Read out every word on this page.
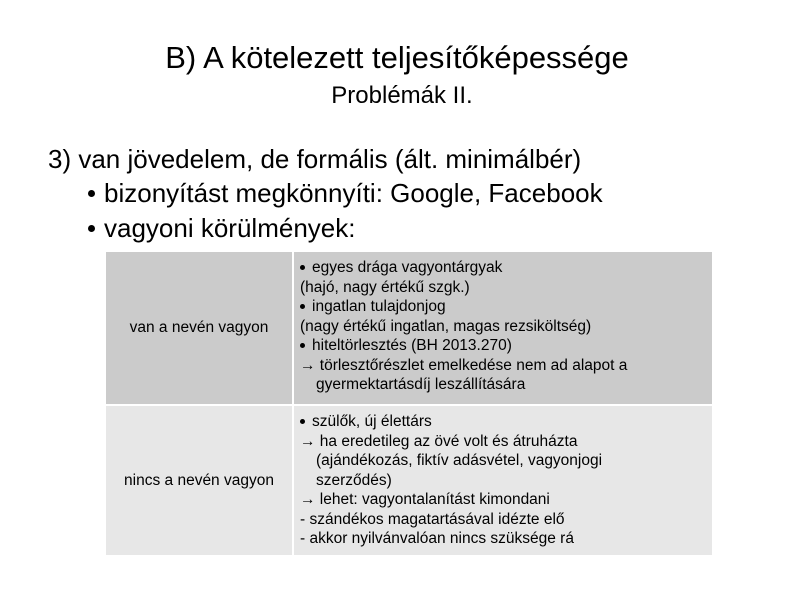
B) A kötelezett teljesítőképessége
Problémák II.
3) van jövedelem, de formális (ált. minimálbér)
bizonyítást megkönnyíti: Google, Facebook
vagyoni körülmények:
van a nevén vagyon
egyes drága vagyontárgyak
(hajó, nagy értékű szgk.)
ingatlan tulajdonjog
(nagy értékű ingatlan, magas rezsiköltség)
hiteltörlesztés (BH 2013.270)
→ törlesztőrészlet emelkedése nem ad alapot a
gyermektartásdíj leszállítására
nincs a nevén vagyon
szülők, új élettárs
→ ha eredetileg az övé volt és átruházta
(ajándékozás, fiktív adásvétel, vagyonjogi
szerződés)
→ lehet: vagyontalanítást kimondani
- szándékos magatartásával idézte elő
- akkor nyilvánvalóan nincs szüksége rá
